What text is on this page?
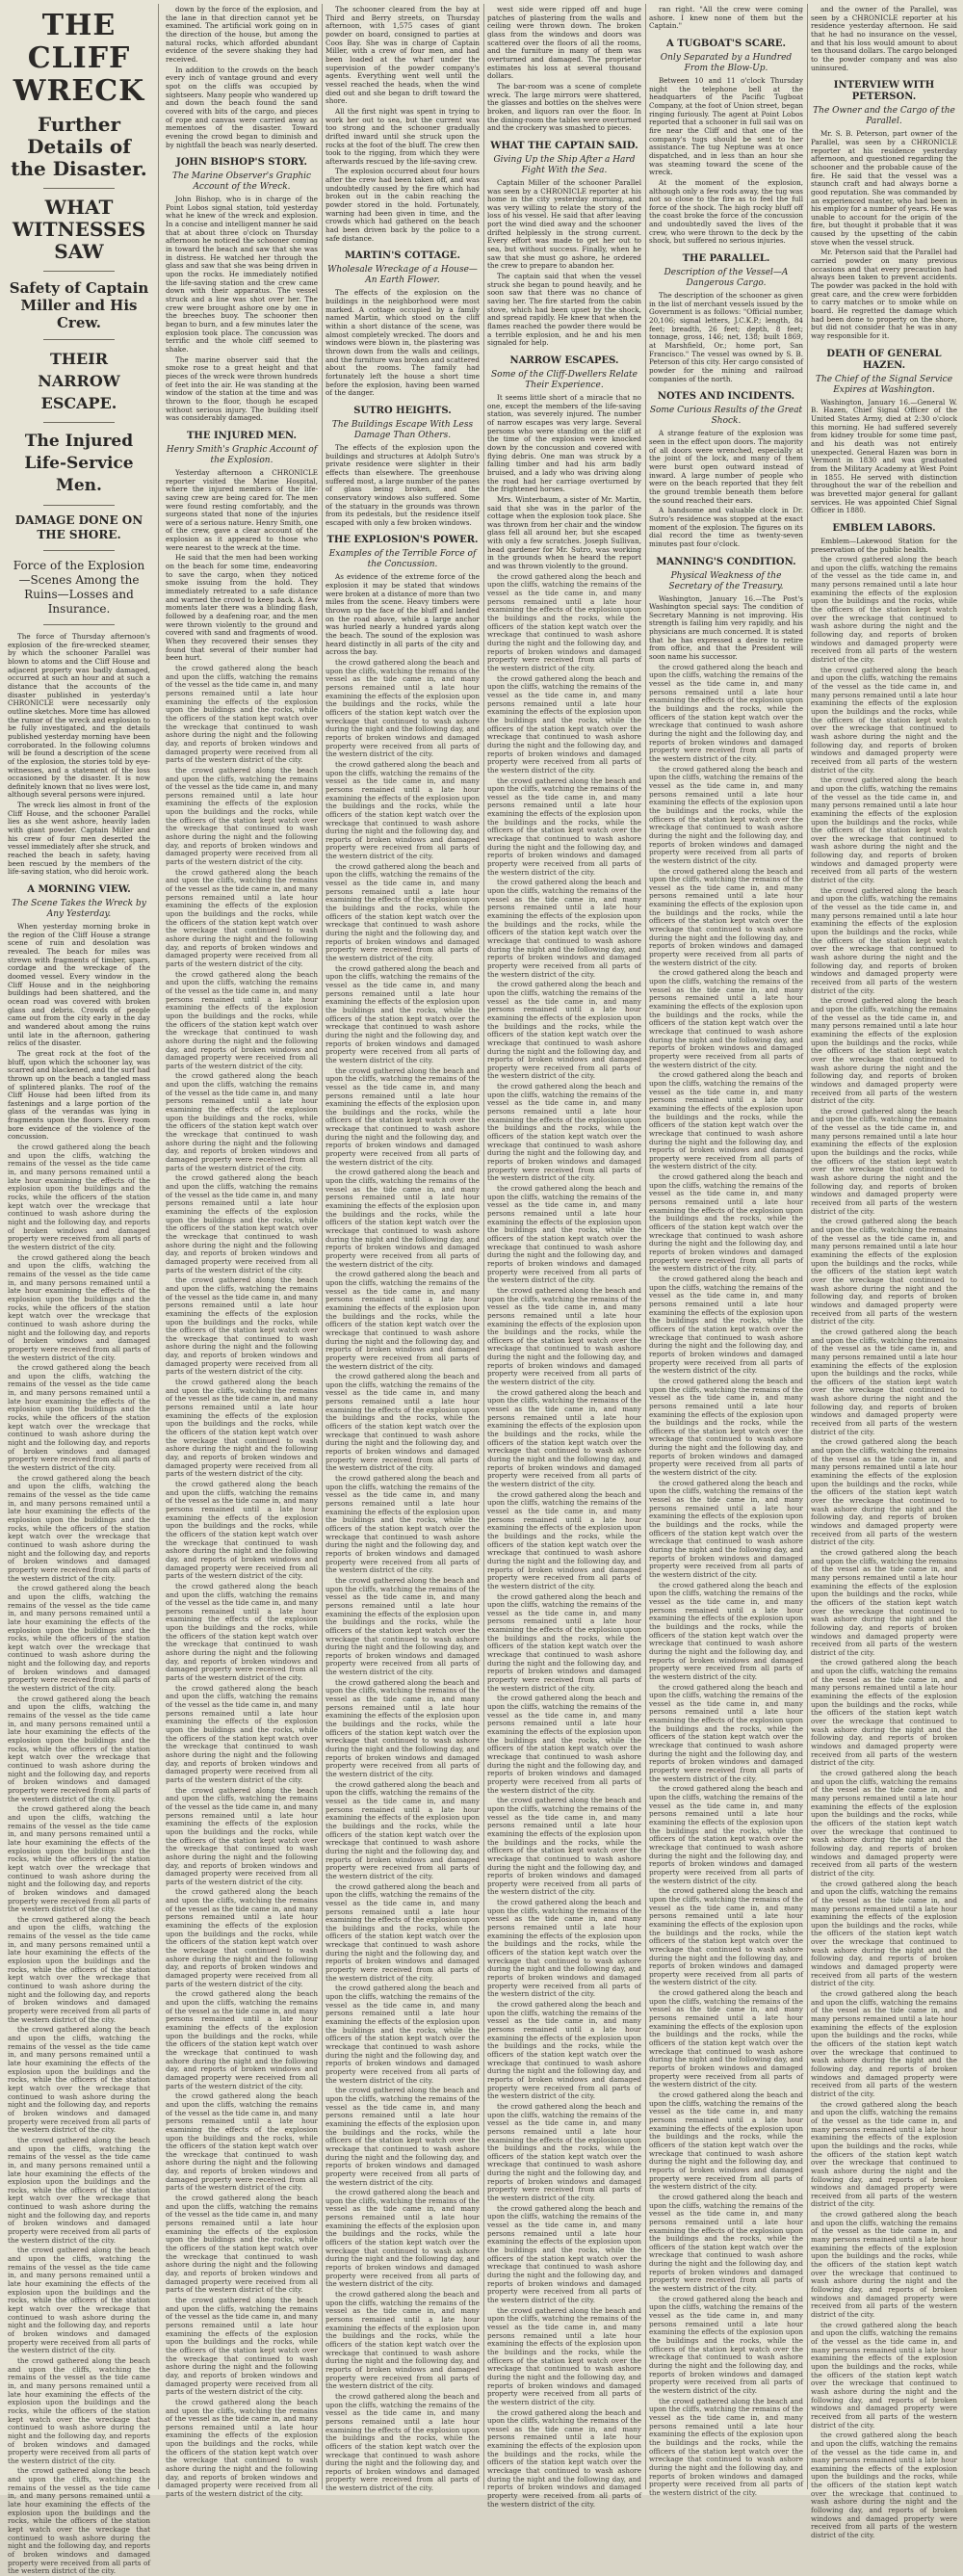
THE CLIFF WRECK
Further Details of the Disaster.
WHAT WITNESSES SAW
Safety of Captain Miller and His Crew.
THEIR NARROW ESCAPE.
The Injured Life-Service Men.
DAMAGE DONE ON THE SHORE.
Force of the Explosion—Scenes Among the Ruins—Losses and Insurance.

The force of Thursday afternoon's explosion of the fire-wrecked steamer, by which the schooner Parallel was blown to atoms and the Cliff House and adjacent property was badly damaged, occurred at such an hour and at such a distance that the accounts of the disaster published in yesterday's CHRONICLE were necessarily only outline sketches. More time has allowed the rumor of the wreck and explosion to be fully investigated, and the details published yesterday morning have been corroborated. In the following columns will be found a description of the scene of the explosion, the stories told by eye-witnesses, and a statement of the loss occasioned by the disaster. It is now definitely known that no lives were lost, although several persons were injured.

The wreck lies almost in front of the Cliff House, and the schooner Parallel lies as she went ashore, heavily laden with giant powder. Captain Miller and his crew of four men deserted the vessel immediately after she struck, and reached the beach in safety, having been rescued by the members of the life-saving station, who did heroic work.

A MORNING VIEW.
The Scene Takes the Wreck by Any Yesterday.

When yesterday morning broke in the region of the Cliff House a strange scene of ruin and desolation was revealed. The beach for miles was strewn with fragments of timber, spars, cordage and the wreckage of the doomed vessel. Every window in the Cliff House and in the neighboring buildings had been shattered, and the ocean road was covered with broken glass and debris. Crowds of people came out from the city early in the day and wandered about among the ruins until late in the afternoon, gathering relics of the disaster.

The great rock at the foot of the bluff, upon which the schooner lay, was scarred and blackened, and the surf had thrown up on the beach a tangled mass of splintered planks. The roof of the Cliff House had been lifted from its fastenings and a large portion of the glass of the verandas was lying in fragments upon the floors. Every room bore evidence of the violence of the concussion.

the crowd gathered along the beach and upon the cliffs, watching the remains of the vessel as the tide came in, and many persons remained until a late hour examining the effects of the explosion upon the buildings and the rocks, while the officers of the station kept watch over the wreckage that continued to wash ashore during the night and the following day, and reports of broken windows and damaged property were received from all parts of the western district of the city.

the crowd gathered along the beach and upon the cliffs, watching the remains of the vessel as the tide came in, and many persons remained until a late hour examining the effects of the explosion upon the buildings and the rocks, while the officers of the station kept watch over the wreckage that continued to wash ashore during the night and the following day, and reports of broken windows and damaged property were received from all parts of the western district of the city.

the crowd gathered along the beach and upon the cliffs, watching the remains of the vessel as the tide came in, and many persons remained until a late hour examining the effects of the explosion upon the buildings and the rocks, while the officers of the station kept watch over the wreckage that continued to wash ashore during the night and the following day, and reports of broken windows and damaged property were received from all parts of the western district of the city.

the crowd gathered along the beach and upon the cliffs, watching the remains of the vessel as the tide came in, and many persons remained until a late hour examining the effects of the explosion upon the buildings and the rocks, while the officers of the station kept watch over the wreckage that continued to wash ashore during the night and the following day, and reports of broken windows and damaged property were received from all parts of the western district of the city.

the crowd gathered along the beach and upon the cliffs, watching the remains of the vessel as the tide came in, and many persons remained until a late hour examining the effects of the explosion upon the buildings and the rocks, while the officers of the station kept watch over the wreckage that continued to wash ashore during the night and the following day, and reports of broken windows and damaged property were received from all parts of the western district of the city.

the crowd gathered along the beach and upon the cliffs, watching the remains of the vessel as the tide came in, and many persons remained until a late hour examining the effects of the explosion upon the buildings and the rocks, while the officers of the station kept watch over the wreckage that continued to wash ashore during the night and the following day, and reports of broken windows and damaged property were received from all parts of the western district of the city.

the crowd gathered along the beach and upon the cliffs, watching the remains of the vessel as the tide came in, and many persons remained until a late hour examining the effects of the explosion upon the buildings and the rocks, while the officers of the station kept watch over the wreckage that continued to wash ashore during the night and the following day, and reports of broken windows and damaged property were received from all parts of the western district of the city.

the crowd gathered along the beach and upon the cliffs, watching the remains of the vessel as the tide came in, and many persons remained until a late hour examining the effects of the explosion upon the buildings and the rocks, while the officers of the station kept watch over the wreckage that continued to wash ashore during the night and the following day, and reports of broken windows and damaged property were received from all parts of the western district of the city.

the crowd gathered along the beach and upon the cliffs, watching the remains of the vessel as the tide came in, and many persons remained until a late hour examining the effects of the explosion upon the buildings and the rocks, while the officers of the station kept watch over the wreckage that continued to wash ashore during the night and the following day, and reports of broken windows and damaged property were received from all parts of the western district of the city.

the crowd gathered along the beach and upon the cliffs, watching the remains of the vessel as the tide came in, and many persons remained until a late hour examining the effects of the explosion upon the buildings and the rocks, while the officers of the station kept watch over the wreckage that continued to wash ashore during the night and the following day, and reports of broken windows and damaged property were received from all parts of the western district of the city.

the crowd gathered along the beach and upon the cliffs, watching the remains of the vessel as the tide came in, and many persons remained until a late hour examining the effects of the explosion upon the buildings and the rocks, while the officers of the station kept watch over the wreckage that continued to wash ashore during the night and the following day, and reports of broken windows and damaged property were received from all parts of the western district of the city.

the crowd gathered along the beach and upon the cliffs, watching the remains of the vessel as the tide came in, and many persons remained until a late hour examining the effects of the explosion upon the buildings and the rocks, while the officers of the station kept watch over the wreckage that continued to wash ashore during the night and the following day, and reports of broken windows and damaged property were received from all parts of the western district of the city.

the crowd gathered along the beach and upon the cliffs, watching the remains of the vessel as the tide came in, and many persons remained until a late hour examining the effects of the explosion upon the buildings and the rocks, while the officers of the station kept watch over the wreckage that continued to wash ashore during the night and the following day, and reports of broken windows and damaged property were received from all parts of the western district of the city.

down by the force of the explosion, and the lane in that direction cannot yet be examined. The artificial work going on in the direction of the house, but among the natural rocks, which afforded abundant evidence of the severe shaking they had received.

In addition to the crowds on the beach every inch of vantage ground and every spot on the cliffs was occupied by sightseers. Many people who wandered up and down the beach found the sand covered with bits of the cargo, and pieces of rope and canvas were carried away as mementoes of the disaster. Toward evening the crowd began to diminish and by nightfall the beach was nearly deserted.

JOHN BISHOP'S STORY.
The Marine Observer's Graphic Account of the Wreck.

John Bishop, who is in charge of the Point Lobos signal station, told yesterday what he knew of the wreck and explosion. In a concise and intelligent manner he said that at about three o'clock on Thursday afternoon he noticed the schooner coming in toward the beach and saw that she was in distress. He watched her through the glass and saw that she was being driven in upon the rocks. He immediately notified the life-saving station and the crew came down with their apparatus. The vessel struck and a line was shot over her. The crew were brought ashore one by one in the breeches buoy. The schooner then began to burn, and a few minutes later the explosion took place. The concussion was terrific and the whole cliff seemed to shake.

The marine observer said that the smoke rose to a great height and that pieces of the wreck were thrown hundreds of feet into the air. He was standing at the window of the station at the time and was thrown to the floor, though he escaped without serious injury. The building itself was considerably damaged.

THE INJURED MEN.
Henry Smith's Graphic Account of the Explosion.

Yesterday afternoon a CHRONICLE reporter visited the Marine Hospital, where the injured members of the life-saving crew are being cared for. The men were found resting comfortably, and the surgeons stated that none of the injuries were of a serious nature. Henry Smith, one of the crew, gave a clear account of the explosion as it appeared to those who were nearest to the wreck at the time.

He said that the men had been working on the beach for some time, endeavoring to save the cargo, when they noticed smoke issuing from the hold. They immediately retreated to a safe distance and warned the crowd to keep back. A few moments later there was a blinding flash, followed by a deafening roar, and the men were thrown violently to the ground and covered with sand and fragments of wood. When they recovered their senses they found that several of their number had been hurt.

the crowd gathered along the beach and upon the cliffs, watching the remains of the vessel as the tide came in, and many persons remained until a late hour examining the effects of the explosion upon the buildings and the rocks, while the officers of the station kept watch over the wreckage that continued to wash ashore during the night and the following day, and reports of broken windows and damaged property were received from all parts of the western district of the city.

the crowd gathered along the beach and upon the cliffs, watching the remains of the vessel as the tide came in, and many persons remained until a late hour examining the effects of the explosion upon the buildings and the rocks, while the officers of the station kept watch over the wreckage that continued to wash ashore during the night and the following day, and reports of broken windows and damaged property were received from all parts of the western district of the city.

the crowd gathered along the beach and upon the cliffs, watching the remains of the vessel as the tide came in, and many persons remained until a late hour examining the effects of the explosion upon the buildings and the rocks, while the officers of the station kept watch over the wreckage that continued to wash ashore during the night and the following day, and reports of broken windows and damaged property were received from all parts of the western district of the city.

the crowd gathered along the beach and upon the cliffs, watching the remains of the vessel as the tide came in, and many persons remained until a late hour examining the effects of the explosion upon the buildings and the rocks, while the officers of the station kept watch over the wreckage that continued to wash ashore during the night and the following day, and reports of broken windows and damaged property were received from all parts of the western district of the city.

the crowd gathered along the beach and upon the cliffs, watching the remains of the vessel as the tide came in, and many persons remained until a late hour examining the effects of the explosion upon the buildings and the rocks, while the officers of the station kept watch over the wreckage that continued to wash ashore during the night and the following day, and reports of broken windows and damaged property were received from all parts of the western district of the city.

the crowd gathered along the beach and upon the cliffs, watching the remains of the vessel as the tide came in, and many persons remained until a late hour examining the effects of the explosion upon the buildings and the rocks, while the officers of the station kept watch over the wreckage that continued to wash ashore during the night and the following day, and reports of broken windows and damaged property were received from all parts of the western district of the city.

the crowd gathered along the beach and upon the cliffs, watching the remains of the vessel as the tide came in, and many persons remained until a late hour examining the effects of the explosion upon the buildings and the rocks, while the officers of the station kept watch over the wreckage that continued to wash ashore during the night and the following day, and reports of broken windows and damaged property were received from all parts of the western district of the city.

the crowd gathered along the beach and upon the cliffs, watching the remains of the vessel as the tide came in, and many persons remained until a late hour examining the effects of the explosion upon the buildings and the rocks, while the officers of the station kept watch over the wreckage that continued to wash ashore during the night and the following day, and reports of broken windows and damaged property were received from all parts of the western district of the city.

the crowd gathered along the beach and upon the cliffs, watching the remains of the vessel as the tide came in, and many persons remained until a late hour examining the effects of the explosion upon the buildings and the rocks, while the officers of the station kept watch over the wreckage that continued to wash ashore during the night and the following day, and reports of broken windows and damaged property were received from all parts of the western district of the city.

the crowd gathered along the beach and upon the cliffs, watching the remains of the vessel as the tide came in, and many persons remained until a late hour examining the effects of the explosion upon the buildings and the rocks, while the officers of the station kept watch over the wreckage that continued to wash ashore during the night and the following day, and reports of broken windows and damaged property were received from all parts of the western district of the city.

the crowd gathered along the beach and upon the cliffs, watching the remains of the vessel as the tide came in, and many persons remained until a late hour examining the effects of the explosion upon the buildings and the rocks, while the officers of the station kept watch over the wreckage that continued to wash ashore during the night and the following day, and reports of broken windows and damaged property were received from all parts of the western district of the city.

the crowd gathered along the beach and upon the cliffs, watching the remains of the vessel as the tide came in, and many persons remained until a late hour examining the effects of the explosion upon the buildings and the rocks, while the officers of the station kept watch over the wreckage that continued to wash ashore during the night and the following day, and reports of broken windows and damaged property were received from all parts of the western district of the city.

the crowd gathered along the beach and upon the cliffs, watching the remains of the vessel as the tide came in, and many persons remained until a late hour examining the effects of the explosion upon the buildings and the rocks, while the officers of the station kept watch over the wreckage that continued to wash ashore during the night and the following day, and reports of broken windows and damaged property were received from all parts of the western district of the city.

the crowd gathered along the beach and upon the cliffs, watching the remains of the vessel as the tide came in, and many persons remained until a late hour examining the effects of the explosion upon the buildings and the rocks, while the officers of the station kept watch over the wreckage that continued to wash ashore during the night and the following day, and reports of broken windows and damaged property were received from all parts of the western district of the city.

the crowd gathered along the beach and upon the cliffs, watching the remains of the vessel as the tide came in, and many persons remained until a late hour examining the effects of the explosion upon the buildings and the rocks, while the officers of the station kept watch over the wreckage that continued to wash ashore during the night and the following day, and reports of broken windows and damaged property were received from all parts of the western district of the city.

the crowd gathered along the beach and upon the cliffs, watching the remains of the vessel as the tide came in, and many persons remained until a late hour examining the effects of the explosion upon the buildings and the rocks, while the officers of the station kept watch over the wreckage that continued to wash ashore during the night and the following day, and reports of broken windows and damaged property were received from all parts of the western district of the city.

the crowd gathered along the beach and upon the cliffs, watching the remains of the vessel as the tide came in, and many persons remained until a late hour examining the effects of the explosion upon the buildings and the rocks, while the officers of the station kept watch over the wreckage that continued to wash ashore during the night and the following day, and reports of broken windows and damaged property were received from all parts of the western district of the city.

the crowd gathered along the beach and upon the cliffs, watching the remains of the vessel as the tide came in, and many persons remained until a late hour examining the effects of the explosion upon the buildings and the rocks, while the officers of the station kept watch over the wreckage that continued to wash ashore during the night and the following day, and reports of broken windows and damaged property were received from all parts of the western district of the city.

The schooner cleared from the bay at Third and Berry streets, on Thursday afternoon, with 1,575 cases of giant powder on board, consigned to parties at Coos Bay. She was in charge of Captain Miller, with a crew of four men, and had been loaded at the wharf under the supervision of the powder company's agents. Everything went well until the vessel reached the heads, when the wind died out and she began to drift toward the shore.

All the first night was spent in trying to work her out to sea, but the current was too strong and the schooner gradually drifted inward until she struck upon the rocks at the foot of the bluff. The crew then took to the rigging, from which they were afterwards rescued by the life-saving crew.

The explosion occurred about four hours after the crew had been taken off, and was undoubtedly caused by the fire which had broken out in the cabin reaching the powder stored in the hold. Fortunately, warning had been given in time, and the crowds which had gathered on the beach had been driven back by the police to a safe distance.

MARTIN'S COTTAGE.
Wholesale Wreckage of a House—An Earth Flower.

The effects of the explosion on the buildings in the neighborhood were most marked. A cottage occupied by a family named Martin, which stood on the cliff within a short distance of the scene, was almost completely wrecked. The doors and windows were blown in, the plastering was thrown down from the walls and ceilings, and the furniture was broken and scattered about the rooms. The family had fortunately left the house a short time before the explosion, having been warned of the danger.

SUTRO HEIGHTS.
The Buildings Escape With Less Damage Than Others.

The effects of the explosion upon the buildings and structures at Adolph Sutro's private residence were slighter in their effects than elsewhere. The greenhouse suffered most, a large number of the panes of glass being broken, and the conservatory windows also suffered. Some of the statuary in the grounds was thrown from its pedestals, but the residence itself escaped with only a few broken windows.

THE EXPLOSION'S POWER.
Examples of the Terrible Force of the Concussion.

As evidence of the extreme force of the explosion it may be stated that windows were broken at a distance of more than two miles from the scene. Heavy timbers were thrown up the face of the bluff and landed on the road above, while a large anchor was hurled nearly a hundred yards along the beach. The sound of the explosion was heard distinctly in all parts of the city and across the bay.

the crowd gathered along the beach and upon the cliffs, watching the remains of the vessel as the tide came in, and many persons remained until a late hour examining the effects of the explosion upon the buildings and the rocks, while the officers of the station kept watch over the wreckage that continued to wash ashore during the night and the following day, and reports of broken windows and damaged property were received from all parts of the western district of the city.

the crowd gathered along the beach and upon the cliffs, watching the remains of the vessel as the tide came in, and many persons remained until a late hour examining the effects of the explosion upon the buildings and the rocks, while the officers of the station kept watch over the wreckage that continued to wash ashore during the night and the following day, and reports of broken windows and damaged property were received from all parts of the western district of the city.

the crowd gathered along the beach and upon the cliffs, watching the remains of the vessel as the tide came in, and many persons remained until a late hour examining the effects of the explosion upon the buildings and the rocks, while the officers of the station kept watch over the wreckage that continued to wash ashore during the night and the following day, and reports of broken windows and damaged property were received from all parts of the western district of the city.

the crowd gathered along the beach and upon the cliffs, watching the remains of the vessel as the tide came in, and many persons remained until a late hour examining the effects of the explosion upon the buildings and the rocks, while the officers of the station kept watch over the wreckage that continued to wash ashore during the night and the following day, and reports of broken windows and damaged property were received from all parts of the western district of the city.

the crowd gathered along the beach and upon the cliffs, watching the remains of the vessel as the tide came in, and many persons remained until a late hour examining the effects of the explosion upon the buildings and the rocks, while the officers of the station kept watch over the wreckage that continued to wash ashore during the night and the following day, and reports of broken windows and damaged property were received from all parts of the western district of the city.

the crowd gathered along the beach and upon the cliffs, watching the remains of the vessel as the tide came in, and many persons remained until a late hour examining the effects of the explosion upon the buildings and the rocks, while the officers of the station kept watch over the wreckage that continued to wash ashore during the night and the following day, and reports of broken windows and damaged property were received from all parts of the western district of the city.

the crowd gathered along the beach and upon the cliffs, watching the remains of the vessel as the tide came in, and many persons remained until a late hour examining the effects of the explosion upon the buildings and the rocks, while the officers of the station kept watch over the wreckage that continued to wash ashore during the night and the following day, and reports of broken windows and damaged property were received from all parts of the western district of the city.

the crowd gathered along the beach and upon the cliffs, watching the remains of the vessel as the tide came in, and many persons remained until a late hour examining the effects of the explosion upon the buildings and the rocks, while the officers of the station kept watch over the wreckage that continued to wash ashore during the night and the following day, and reports of broken windows and damaged property were received from all parts of the western district of the city.

the crowd gathered along the beach and upon the cliffs, watching the remains of the vessel as the tide came in, and many persons remained until a late hour examining the effects of the explosion upon the buildings and the rocks, while the officers of the station kept watch over the wreckage that continued to wash ashore during the night and the following day, and reports of broken windows and damaged property were received from all parts of the western district of the city.

the crowd gathered along the beach and upon the cliffs, watching the remains of the vessel as the tide came in, and many persons remained until a late hour examining the effects of the explosion upon the buildings and the rocks, while the officers of the station kept watch over the wreckage that continued to wash ashore during the night and the following day, and reports of broken windows and damaged property were received from all parts of the western district of the city.

the crowd gathered along the beach and upon the cliffs, watching the remains of the vessel as the tide came in, and many persons remained until a late hour examining the effects of the explosion upon the buildings and the rocks, while the officers of the station kept watch over the wreckage that continued to wash ashore during the night and the following day, and reports of broken windows and damaged property were received from all parts of the western district of the city.

the crowd gathered along the beach and upon the cliffs, watching the remains of the vessel as the tide came in, and many persons remained until a late hour examining the effects of the explosion upon the buildings and the rocks, while the officers of the station kept watch over the wreckage that continued to wash ashore during the night and the following day, and reports of broken windows and damaged property were received from all parts of the western district of the city.

the crowd gathered along the beach and upon the cliffs, watching the remains of the vessel as the tide came in, and many persons remained until a late hour examining the effects of the explosion upon the buildings and the rocks, while the officers of the station kept watch over the wreckage that continued to wash ashore during the night and the following day, and reports of broken windows and damaged property were received from all parts of the western district of the city.

the crowd gathered along the beach and upon the cliffs, watching the remains of the vessel as the tide came in, and many persons remained until a late hour examining the effects of the explosion upon the buildings and the rocks, while the officers of the station kept watch over the wreckage that continued to wash ashore during the night and the following day, and reports of broken windows and damaged property were received from all parts of the western district of the city.

the crowd gathered along the beach and upon the cliffs, watching the remains of the vessel as the tide came in, and many persons remained until a late hour examining the effects of the explosion upon the buildings and the rocks, while the officers of the station kept watch over the wreckage that continued to wash ashore during the night and the following day, and reports of broken windows and damaged property were received from all parts of the western district of the city.

the crowd gathered along the beach and upon the cliffs, watching the remains of the vessel as the tide came in, and many persons remained until a late hour examining the effects of the explosion upon the buildings and the rocks, while the officers of the station kept watch over the wreckage that continued to wash ashore during the night and the following day, and reports of broken windows and damaged property were received from all parts of the western district of the city.

the crowd gathered along the beach and upon the cliffs, watching the remains of the vessel as the tide came in, and many persons remained until a late hour examining the effects of the explosion upon the buildings and the rocks, while the officers of the station kept watch over the wreckage that continued to wash ashore during the night and the following day, and reports of broken windows and damaged property were received from all parts of the western district of the city.

the crowd gathered along the beach and upon the cliffs, watching the remains of the vessel as the tide came in, and many persons remained until a late hour examining the effects of the explosion upon the buildings and the rocks, while the officers of the station kept watch over the wreckage that continued to wash ashore during the night and the following day, and reports of broken windows and damaged property were received from all parts of the western district of the city.

west side were ripped off and huge patches of plastering from the walls and ceiling were thrown down. The broken glass from the windows and doors was scattered over the floors of all the rooms, and the furniture in many of them was overturned and damaged. The proprietor estimates his loss at several thousand dollars.

The bar-room was a scene of complete wreck. The large mirrors were shattered, the glasses and bottles on the shelves were broken, and liquors ran over the floor. In the dining-room the tables were overturned and the crockery was smashed to pieces.

WHAT THE CAPTAIN SAID.
Giving Up the Ship After a Hard Fight With the Sea.

Captain Miller of the schooner Parallel was seen by a CHRONICLE reporter at his home in the city yesterday morning, and was very willing to relate the story of the loss of his vessel. He said that after leaving port the wind died away and the schooner drifted helplessly in the strong current. Every effort was made to get her out to sea, but without success. Finally, when he saw that she must go ashore, he ordered the crew to prepare to abandon her.

The captain said that when the vessel struck she began to pound heavily, and he soon saw that there was no chance of saving her. The fire started from the cabin stove, which had been upset by the shock, and spread rapidly. He knew that when the flames reached the powder there would be a terrible explosion, and he and his men signaled for help.

NARROW ESCAPES.
Some of the Cliff-Dwellers Relate Their Experience.

It seems little short of a miracle that no one, except the members of the life-saving station, was severely injured. The number of narrow escapes was very large. Several persons who were standing on the cliff at the time of the explosion were knocked down by the concussion and covered with flying debris. One man was struck by a falling timber and had his arm badly bruised, and a lady who was driving along the road had her carriage overturned by the frightened horses.

Mrs. Winterbaum, a sister of Mr. Martin, said that she was in the parlor of the cottage when the explosion took place. She was thrown from her chair and the window glass fell all around her, but she escaped with only a few scratches. Joseph Sullivan, head gardener for Mr. Sutro, was working in the grounds when he heard the report and was thrown violently to the ground.

the crowd gathered along the beach and upon the cliffs, watching the remains of the vessel as the tide came in, and many persons remained until a late hour examining the effects of the explosion upon the buildings and the rocks, while the officers of the station kept watch over the wreckage that continued to wash ashore during the night and the following day, and reports of broken windows and damaged property were received from all parts of the western district of the city.

the crowd gathered along the beach and upon the cliffs, watching the remains of the vessel as the tide came in, and many persons remained until a late hour examining the effects of the explosion upon the buildings and the rocks, while the officers of the station kept watch over the wreckage that continued to wash ashore during the night and the following day, and reports of broken windows and damaged property were received from all parts of the western district of the city.

the crowd gathered along the beach and upon the cliffs, watching the remains of the vessel as the tide came in, and many persons remained until a late hour examining the effects of the explosion upon the buildings and the rocks, while the officers of the station kept watch over the wreckage that continued to wash ashore during the night and the following day, and reports of broken windows and damaged property were received from all parts of the western district of the city.

the crowd gathered along the beach and upon the cliffs, watching the remains of the vessel as the tide came in, and many persons remained until a late hour examining the effects of the explosion upon the buildings and the rocks, while the officers of the station kept watch over the wreckage that continued to wash ashore during the night and the following day, and reports of broken windows and damaged property were received from all parts of the western district of the city.

the crowd gathered along the beach and upon the cliffs, watching the remains of the vessel as the tide came in, and many persons remained until a late hour examining the effects of the explosion upon the buildings and the rocks, while the officers of the station kept watch over the wreckage that continued to wash ashore during the night and the following day, and reports of broken windows and damaged property were received from all parts of the western district of the city.

the crowd gathered along the beach and upon the cliffs, watching the remains of the vessel as the tide came in, and many persons remained until a late hour examining the effects of the explosion upon the buildings and the rocks, while the officers of the station kept watch over the wreckage that continued to wash ashore during the night and the following day, and reports of broken windows and damaged property were received from all parts of the western district of the city.

the crowd gathered along the beach and upon the cliffs, watching the remains of the vessel as the tide came in, and many persons remained until a late hour examining the effects of the explosion upon the buildings and the rocks, while the officers of the station kept watch over the wreckage that continued to wash ashore during the night and the following day, and reports of broken windows and damaged property were received from all parts of the western district of the city.

the crowd gathered along the beach and upon the cliffs, watching the remains of the vessel as the tide came in, and many persons remained until a late hour examining the effects of the explosion upon the buildings and the rocks, while the officers of the station kept watch over the wreckage that continued to wash ashore during the night and the following day, and reports of broken windows and damaged property were received from all parts of the western district of the city.

the crowd gathered along the beach and upon the cliffs, watching the remains of the vessel as the tide came in, and many persons remained until a late hour examining the effects of the explosion upon the buildings and the rocks, while the officers of the station kept watch over the wreckage that continued to wash ashore during the night and the following day, and reports of broken windows and damaged property were received from all parts of the western district of the city.

the crowd gathered along the beach and upon the cliffs, watching the remains of the vessel as the tide came in, and many persons remained until a late hour examining the effects of the explosion upon the buildings and the rocks, while the officers of the station kept watch over the wreckage that continued to wash ashore during the night and the following day, and reports of broken windows and damaged property were received from all parts of the western district of the city.

the crowd gathered along the beach and upon the cliffs, watching the remains of the vessel as the tide came in, and many persons remained until a late hour examining the effects of the explosion upon the buildings and the rocks, while the officers of the station kept watch over the wreckage that continued to wash ashore during the night and the following day, and reports of broken windows and damaged property were received from all parts of the western district of the city.

the crowd gathered along the beach and upon the cliffs, watching the remains of the vessel as the tide came in, and many persons remained until a late hour examining the effects of the explosion upon the buildings and the rocks, while the officers of the station kept watch over the wreckage that continued to wash ashore during the night and the following day, and reports of broken windows and damaged property were received from all parts of the western district of the city.

the crowd gathered along the beach and upon the cliffs, watching the remains of the vessel as the tide came in, and many persons remained until a late hour examining the effects of the explosion upon the buildings and the rocks, while the officers of the station kept watch over the wreckage that continued to wash ashore during the night and the following day, and reports of broken windows and damaged property were received from all parts of the western district of the city.

the crowd gathered along the beach and upon the cliffs, watching the remains of the vessel as the tide came in, and many persons remained until a late hour examining the effects of the explosion upon the buildings and the rocks, while the officers of the station kept watch over the wreckage that continued to wash ashore during the night and the following day, and reports of broken windows and damaged property were received from all parts of the western district of the city.

the crowd gathered along the beach and upon the cliffs, watching the remains of the vessel as the tide came in, and many persons remained until a late hour examining the effects of the explosion upon the buildings and the rocks, while the officers of the station kept watch over the wreckage that continued to wash ashore during the night and the following day, and reports of broken windows and damaged property were received from all parts of the western district of the city.

the crowd gathered along the beach and upon the cliffs, watching the remains of the vessel as the tide came in, and many persons remained until a late hour examining the effects of the explosion upon the buildings and the rocks, while the officers of the station kept watch over the wreckage that continued to wash ashore during the night and the following day, and reports of broken windows and damaged property were received from all parts of the western district of the city.

the crowd gathered along the beach and upon the cliffs, watching the remains of the vessel as the tide came in, and many persons remained until a late hour examining the effects of the explosion upon the buildings and the rocks, while the officers of the station kept watch over the wreckage that continued to wash ashore during the night and the following day, and reports of broken windows and damaged property were received from all parts of the western district of the city.

the crowd gathered along the beach and upon the cliffs, watching the remains of the vessel as the tide came in, and many persons remained until a late hour examining the effects of the explosion upon the buildings and the rocks, while the officers of the station kept watch over the wreckage that continued to wash ashore during the night and the following day, and reports of broken windows and damaged property were received from all parts of the western district of the city.

the crowd gathered along the beach and upon the cliffs, watching the remains of the vessel as the tide came in, and many persons remained until a late hour examining the effects of the explosion upon the buildings and the rocks, while the officers of the station kept watch over the wreckage that continued to wash ashore during the night and the following day, and reports of broken windows and damaged property were received from all parts of the western district of the city.

ran right. "All the crew were coming ashore. I knew none of them but the Captain."

A TUGBOAT'S SCARE.
Only Separated by a Hundred From the Blow-Up.

Between 10 and 11 o'clock Thursday night the telephone bell at the headquarters of the Pacific Tugboat Company, at the foot of Union street, began ringing furiously. The agent at Point Lobos reported that a schooner in full sail was on fire near the Cliff and that one of the company's tugs should be sent to her assistance. The tug Neptune was at once dispatched, and in less than an hour she was steaming toward the scene of the wreck.

At the moment of the explosion, although only a few rods away, the tug was not so close to the fire as to feel the full force of the shock. The high rocky bluff off the coast broke the force of the concussion and undoubtedly saved the lives of the crew, who were thrown to the deck by the shock, but suffered no serious injuries.

THE PARALLEL.
Description of the Vessel—A Dangerous Cargo.

The description of the schooner as given in the list of merchant vessels issued by the Government is as follows: "Official number, 20,106; signal letters, J.C.K.P.; length, 84 feet; breadth, 26 feet; depth, 8 feet; tonnage, gross, 146; net, 138; built 1869, at Marshfield, Or.; home port, San Francisco." The vessel was owned by S. B. Peterson of this city. Her cargo consisted of powder for the mining and railroad companies of the north.

NOTES AND INCIDENTS.
Some Curious Results of the Great Shock.

A strange feature of the explosion was seen in the effect upon doors. The majority of all doors were wrenched, especially at the joint of the lock, and many of them were burst open outward instead of inward. A large number of people who were on the beach reported that they felt the ground tremble beneath them before the sound reached their ears.

A handsome and valuable clock in Dr. Sutro's residence was stopped at the exact moment of the explosion. The figures on its dial record the time as twenty-seven minutes past four o'clock.

MANNING'S CONDITION.
Physical Weakness of the Secretary of the Treasury.

Washington, January 16.—The Post's Washington special says: The condition of Secretary Manning is not improving. His strength is failing him very rapidly, and his physicians are much concerned. It is stated that he has expressed a desire to retire from office, and that the President will soon name his successor.

the crowd gathered along the beach and upon the cliffs, watching the remains of the vessel as the tide came in, and many persons remained until a late hour examining the effects of the explosion upon the buildings and the rocks, while the officers of the station kept watch over the wreckage that continued to wash ashore during the night and the following day, and reports of broken windows and damaged property were received from all parts of the western district of the city.

the crowd gathered along the beach and upon the cliffs, watching the remains of the vessel as the tide came in, and many persons remained until a late hour examining the effects of the explosion upon the buildings and the rocks, while the officers of the station kept watch over the wreckage that continued to wash ashore during the night and the following day, and reports of broken windows and damaged property were received from all parts of the western district of the city.

the crowd gathered along the beach and upon the cliffs, watching the remains of the vessel as the tide came in, and many persons remained until a late hour examining the effects of the explosion upon the buildings and the rocks, while the officers of the station kept watch over the wreckage that continued to wash ashore during the night and the following day, and reports of broken windows and damaged property were received from all parts of the western district of the city.

the crowd gathered along the beach and upon the cliffs, watching the remains of the vessel as the tide came in, and many persons remained until a late hour examining the effects of the explosion upon the buildings and the rocks, while the officers of the station kept watch over the wreckage that continued to wash ashore during the night and the following day, and reports of broken windows and damaged property were received from all parts of the western district of the city.

the crowd gathered along the beach and upon the cliffs, watching the remains of the vessel as the tide came in, and many persons remained until a late hour examining the effects of the explosion upon the buildings and the rocks, while the officers of the station kept watch over the wreckage that continued to wash ashore during the night and the following day, and reports of broken windows and damaged property were received from all parts of the western district of the city.

the crowd gathered along the beach and upon the cliffs, watching the remains of the vessel as the tide came in, and many persons remained until a late hour examining the effects of the explosion upon the buildings and the rocks, while the officers of the station kept watch over the wreckage that continued to wash ashore during the night and the following day, and reports of broken windows and damaged property were received from all parts of the western district of the city.

the crowd gathered along the beach and upon the cliffs, watching the remains of the vessel as the tide came in, and many persons remained until a late hour examining the effects of the explosion upon the buildings and the rocks, while the officers of the station kept watch over the wreckage that continued to wash ashore during the night and the following day, and reports of broken windows and damaged property were received from all parts of the western district of the city.

the crowd gathered along the beach and upon the cliffs, watching the remains of the vessel as the tide came in, and many persons remained until a late hour examining the effects of the explosion upon the buildings and the rocks, while the officers of the station kept watch over the wreckage that continued to wash ashore during the night and the following day, and reports of broken windows and damaged property were received from all parts of the western district of the city.

the crowd gathered along the beach and upon the cliffs, watching the remains of the vessel as the tide came in, and many persons remained until a late hour examining the effects of the explosion upon the buildings and the rocks, while the officers of the station kept watch over the wreckage that continued to wash ashore during the night and the following day, and reports of broken windows and damaged property were received from all parts of the western district of the city.

the crowd gathered along the beach and upon the cliffs, watching the remains of the vessel as the tide came in, and many persons remained until a late hour examining the effects of the explosion upon the buildings and the rocks, while the officers of the station kept watch over the wreckage that continued to wash ashore during the night and the following day, and reports of broken windows and damaged property were received from all parts of the western district of the city.

the crowd gathered along the beach and upon the cliffs, watching the remains of the vessel as the tide came in, and many persons remained until a late hour examining the effects of the explosion upon the buildings and the rocks, while the officers of the station kept watch over the wreckage that continued to wash ashore during the night and the following day, and reports of broken windows and damaged property were received from all parts of the western district of the city.

the crowd gathered along the beach and upon the cliffs, watching the remains of the vessel as the tide came in, and many persons remained until a late hour examining the effects of the explosion upon the buildings and the rocks, while the officers of the station kept watch over the wreckage that continued to wash ashore during the night and the following day, and reports of broken windows and damaged property were received from all parts of the western district of the city.

the crowd gathered along the beach and upon the cliffs, watching the remains of the vessel as the tide came in, and many persons remained until a late hour examining the effects of the explosion upon the buildings and the rocks, while the officers of the station kept watch over the wreckage that continued to wash ashore during the night and the following day, and reports of broken windows and damaged property were received from all parts of the western district of the city.

the crowd gathered along the beach and upon the cliffs, watching the remains of the vessel as the tide came in, and many persons remained until a late hour examining the effects of the explosion upon the buildings and the rocks, while the officers of the station kept watch over the wreckage that continued to wash ashore during the night and the following day, and reports of broken windows and damaged property were received from all parts of the western district of the city.

the crowd gathered along the beach and upon the cliffs, watching the remains of the vessel as the tide came in, and many persons remained until a late hour examining the effects of the explosion upon the buildings and the rocks, while the officers of the station kept watch over the wreckage that continued to wash ashore during the night and the following day, and reports of broken windows and damaged property were received from all parts of the western district of the city.

the crowd gathered along the beach and upon the cliffs, watching the remains of the vessel as the tide came in, and many persons remained until a late hour examining the effects of the explosion upon the buildings and the rocks, while the officers of the station kept watch over the wreckage that continued to wash ashore during the night and the following day, and reports of broken windows and damaged property were received from all parts of the western district of the city.

the crowd gathered along the beach and upon the cliffs, watching the remains of the vessel as the tide came in, and many persons remained until a late hour examining the effects of the explosion upon the buildings and the rocks, while the officers of the station kept watch over the wreckage that continued to wash ashore during the night and the following day, and reports of broken windows and damaged property were received from all parts of the western district of the city.

the crowd gathered along the beach and upon the cliffs, watching the remains of the vessel as the tide came in, and many persons remained until a late hour examining the effects of the explosion upon the buildings and the rocks, while the officers of the station kept watch over the wreckage that continued to wash ashore during the night and the following day, and reports of broken windows and damaged property were received from all parts of the western district of the city.

and the owner of the Parallel, was seen by a CHRONICLE reporter at his residence yesterday afternoon. He said that he had no insurance on the vessel, and that his loss would amount to about ten thousand dollars. The cargo belonged to the powder company and was also uninsured.

INTERVIEW WITH PETERSON.
The Owner and the Cargo of the Parallel.

Mr. S. B. Peterson, part owner of the Parallel, was seen by a CHRONICLE reporter at his residence yesterday afternoon, and questioned regarding the schooner and the probable cause of the fire. He said that the vessel was a staunch craft and had always borne a good reputation. She was commanded by an experienced master, who had been in his employ for a number of years. He was unable to account for the origin of the fire, but thought it probable that it was caused by the upsetting of the cabin stove when the vessel struck.

Mr. Peterson said that the Parallel had carried powder on many previous occasions and that every precaution had always been taken to prevent accidents. The powder was packed in the hold with great care, and the crew were forbidden to carry matches or to smoke while on board. He regretted the damage which had been done to property on the shore, but did not consider that he was in any way responsible for it.

DEATH OF GENERAL HAZEN.
The Chief of the Signal Service Expires at Washington.

Washington, January 16.—General W. B. Hazen, Chief Signal Officer of the United States Army, died at 2:30 o'clock this morning. He had suffered severely from kidney trouble for some time past, and his death was not entirely unexpected. General Hazen was born in Vermont in 1830 and was graduated from the Military Academy at West Point in 1855. He served with distinction throughout the war of the rebellion and was brevetted major general for gallant services. He was appointed Chief Signal Officer in 1880.

EMBLEM LABORS.

Emblem—Lakewood Station for the preservation of the public health.

the crowd gathered along the beach and upon the cliffs, watching the remains of the vessel as the tide came in, and many persons remained until a late hour examining the effects of the explosion upon the buildings and the rocks, while the officers of the station kept watch over the wreckage that continued to wash ashore during the night and the following day, and reports of broken windows and damaged property were received from all parts of the western district of the city.

the crowd gathered along the beach and upon the cliffs, watching the remains of the vessel as the tide came in, and many persons remained until a late hour examining the effects of the explosion upon the buildings and the rocks, while the officers of the station kept watch over the wreckage that continued to wash ashore during the night and the following day, and reports of broken windows and damaged property were received from all parts of the western district of the city.

the crowd gathered along the beach and upon the cliffs, watching the remains of the vessel as the tide came in, and many persons remained until a late hour examining the effects of the explosion upon the buildings and the rocks, while the officers of the station kept watch over the wreckage that continued to wash ashore during the night and the following day, and reports of broken windows and damaged property were received from all parts of the western district of the city.

the crowd gathered along the beach and upon the cliffs, watching the remains of the vessel as the tide came in, and many persons remained until a late hour examining the effects of the explosion upon the buildings and the rocks, while the officers of the station kept watch over the wreckage that continued to wash ashore during the night and the following day, and reports of broken windows and damaged property were received from all parts of the western district of the city.

the crowd gathered along the beach and upon the cliffs, watching the remains of the vessel as the tide came in, and many persons remained until a late hour examining the effects of the explosion upon the buildings and the rocks, while the officers of the station kept watch over the wreckage that continued to wash ashore during the night and the following day, and reports of broken windows and damaged property were received from all parts of the western district of the city.

the crowd gathered along the beach and upon the cliffs, watching the remains of the vessel as the tide came in, and many persons remained until a late hour examining the effects of the explosion upon the buildings and the rocks, while the officers of the station kept watch over the wreckage that continued to wash ashore during the night and the following day, and reports of broken windows and damaged property were received from all parts of the western district of the city.

the crowd gathered along the beach and upon the cliffs, watching the remains of the vessel as the tide came in, and many persons remained until a late hour examining the effects of the explosion upon the buildings and the rocks, while the officers of the station kept watch over the wreckage that continued to wash ashore during the night and the following day, and reports of broken windows and damaged property were received from all parts of the western district of the city.

the crowd gathered along the beach and upon the cliffs, watching the remains of the vessel as the tide came in, and many persons remained until a late hour examining the effects of the explosion upon the buildings and the rocks, while the officers of the station kept watch over the wreckage that continued to wash ashore during the night and the following day, and reports of broken windows and damaged property were received from all parts of the western district of the city.

the crowd gathered along the beach and upon the cliffs, watching the remains of the vessel as the tide came in, and many persons remained until a late hour examining the effects of the explosion upon the buildings and the rocks, while the officers of the station kept watch over the wreckage that continued to wash ashore during the night and the following day, and reports of broken windows and damaged property were received from all parts of the western district of the city.

the crowd gathered along the beach and upon the cliffs, watching the remains of the vessel as the tide came in, and many persons remained until a late hour examining the effects of the explosion upon the buildings and the rocks, while the officers of the station kept watch over the wreckage that continued to wash ashore during the night and the following day, and reports of broken windows and damaged property were received from all parts of the western district of the city.

the crowd gathered along the beach and upon the cliffs, watching the remains of the vessel as the tide came in, and many persons remained until a late hour examining the effects of the explosion upon the buildings and the rocks, while the officers of the station kept watch over the wreckage that continued to wash ashore during the night and the following day, and reports of broken windows and damaged property were received from all parts of the western district of the city.

the crowd gathered along the beach and upon the cliffs, watching the remains of the vessel as the tide came in, and many persons remained until a late hour examining the effects of the explosion upon the buildings and the rocks, while the officers of the station kept watch over the wreckage that continued to wash ashore during the night and the following day, and reports of broken windows and damaged property were received from all parts of the western district of the city.

the crowd gathered along the beach and upon the cliffs, watching the remains of the vessel as the tide came in, and many persons remained until a late hour examining the effects of the explosion upon the buildings and the rocks, while the officers of the station kept watch over the wreckage that continued to wash ashore during the night and the following day, and reports of broken windows and damaged property were received from all parts of the western district of the city.

the crowd gathered along the beach and upon the cliffs, watching the remains of the vessel as the tide came in, and many persons remained until a late hour examining the effects of the explosion upon the buildings and the rocks, while the officers of the station kept watch over the wreckage that continued to wash ashore during the night and the following day, and reports of broken windows and damaged property were received from all parts of the western district of the city.

the crowd gathered along the beach and upon the cliffs, watching the remains of the vessel as the tide came in, and many persons remained until a late hour examining the effects of the explosion upon the buildings and the rocks, while the officers of the station kept watch over the wreckage that continued to wash ashore during the night and the following day, and reports of broken windows and damaged property were received from all parts of the western district of the city.

the crowd gathered along the beach and upon the cliffs, watching the remains of the vessel as the tide came in, and many persons remained until a late hour examining the effects of the explosion upon the buildings and the rocks, while the officers of the station kept watch over the wreckage that continued to wash ashore during the night and the following day, and reports of broken windows and damaged property were received from all parts of the western district of the city.

the crowd gathered along the beach and upon the cliffs, watching the remains of the vessel as the tide came in, and many persons remained until a late hour examining the effects of the explosion upon the buildings and the rocks, while the officers of the station kept watch over the wreckage that continued to wash ashore during the night and the following day, and reports of broken windows and damaged property were received from all parts of the western district of the city.

the crowd gathered along the beach and upon the cliffs, watching the remains of the vessel as the tide came in, and many persons remained until a late hour examining the effects of the explosion upon the buildings and the rocks, while the officers of the station kept watch over the wreckage that continued to wash ashore during the night and the following day, and reports of broken windows and damaged property were received from all parts of the western district of the city.
